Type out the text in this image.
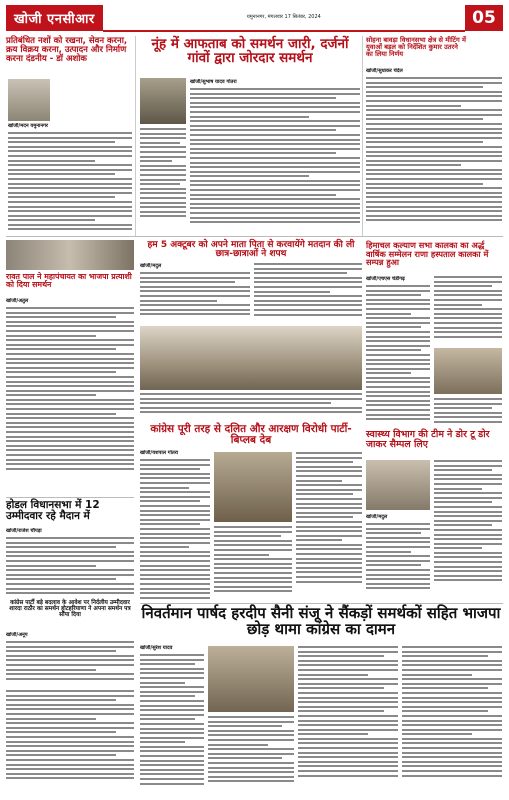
खोजी एनसीआर	यमुनानगर, मंगलवार 17 सितंबर, 2024	05
प्रतिबंधित नशों को रखना, सेवन करना, क्रय विक्रय करना, उत्पादन और निर्माण करना दंडनीय - डॉ अशोक
खोजी/मदन यमुनानगर
नूंह में आफताब को समर्थन जारी, दर्जनों गांवों द्वारा जोरदार समर्थन
खोजी/सुभाष यादव गोतरा
सोहना बावड़ा विधानसभा क्षेत्र से मीटिंग में युवाओं बड़ल को निर्देशित कुमार उतरने का लिया निर्णय
खोजी/सुधाकर चंदेल
रावत पाल ने महापंचायत का भाजपा प्रत्याशी को दिया समर्थन
खोजी/अतुल
हम 5 अक्टूबर को अपने माता पिता से करवायेंगे मतदान की ली छात्र-छात्राओं ने शपथ
खोजी/मदुल
हिमाचल कल्याण सभा कालका का अर्द्ध वार्षिक सम्मेलन राणा हस्पताल कालका में सम्पन्न हुआ
खोजी/एचएस चंडीगढ़
कांग्रेस पूरी तरह से दलित और आरक्षण विरोधी पार्टी- बिप्लब देब
खोजी/यशपाल गोतरा
स्वास्थ्य विभाग की टीम ने डोर टू डोर जाकर सैम्पल लिए
खोजी/मदुल
होडल विधानसभा में 12 उम्मीदवार रहे मैदान में
खोजी/राजेश चौपड़ा
कांग्रेस पार्टी बड़े बदलाव के आवेश पर निर्दलीय उम्मीदवार शारदा राठौर का समर्थन होटहरियाणा ने अपना समर्थन पत्र सौंपा दिया
खोजी/अनूप
निवर्तमान पार्षद हरदीप सैनी संजू ने सैंकड़ों समर्थकों सहित भाजपा छोड़ थामा कांग्रेस का दामन
खोजी/सुरेश यादव
